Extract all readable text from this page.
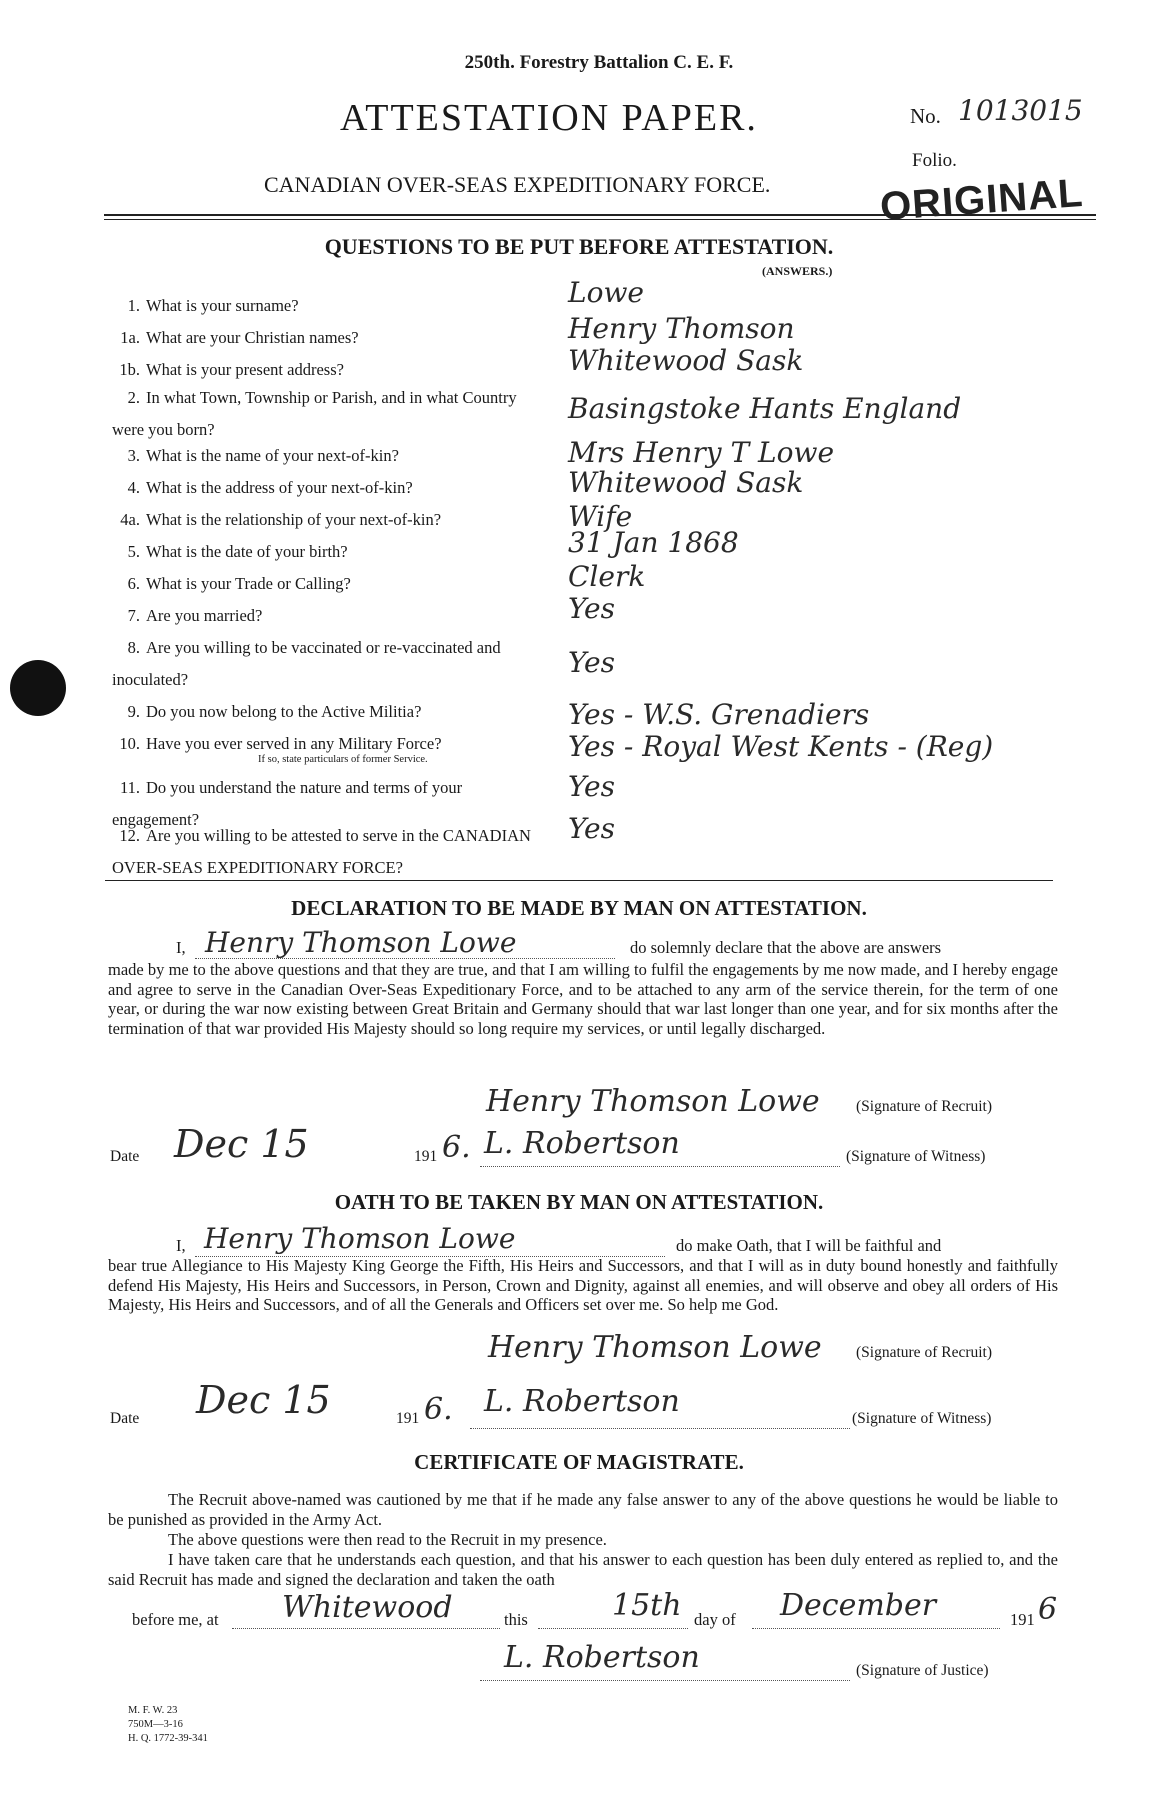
250th. Forestry Battalion C. E. F.
ATTESTATION PAPER.	No. 1013015
Folio.
CANADIAN OVER-SEAS EXPEDITIONARY FORCE.	ORIGINAL
QUESTIONS TO BE PUT BEFORE ATTESTATION.
(ANSWERS.)
1. What is your surname?	Lowe
1a. What are your Christian names?	Henry Thomson
1b. What is your present address?	Whitewood Sask
2. In what Town, Township or Parish, and in what Country were you born?
Basingstoke Hants England
3. What is the name of your next-of-kin?	Mrs Henry T Lowe
4. What is the address of your next-of-kin?	Whitewood Sask
4a. What is the relationship of your next-of-kin?	Wife
5. What is the date of your birth?	31 Jan 1868
6. What is your Trade or Calling?	Clerk
7. Are you married?	Yes
8. Are you willing to be vaccinated or re-vaccinated and inoculated?
Yes
9. Do you now belong to the Active Militia?	Yes - W.S. Grenadiers
10. Have you ever served in any Military Force?
If so, state particulars of former Service.	Yes - Royal West Kents - (Reg)
11. Do you understand the nature and terms of your engagement?
Yes
12. Are you willing to be attested to serve in the CANADIAN OVER-SEAS EXPEDITIONARY FORCE?
Yes
DECLARATION TO BE MADE BY MAN ON ATTESTATION.
I, Henry Thomson Lowe	do solemnly declare that the above are answers
made by me to the above questions and that they are true, and that I am willing to fulfil the engagements by me now made, and I hereby engage and agree to serve in the Canadian Over-Seas Expeditionary Force, and to be attached to any arm of the service therein, for the term of one year, or during the war now existing between Great Britain and Germany should that war last longer than one year, and for six months after the termination of that war provided His Majesty should so long require my services, or until legally discharged.
Henry Thomson Lowe (Signature of Recruit)
Date Dec 15	191 6. L. Robertson	(Signature of Witness)
OATH TO BE TAKEN BY MAN ON ATTESTATION.
I, Henry Thomson Lowe	do make Oath, that I will be faithful and
bear true Allegiance to His Majesty King George the Fifth, His Heirs and Successors, and that I will as in duty bound honestly and faithfully defend His Majesty, His Heirs and Successors, in Person, Crown and Dignity, against all enemies, and will observe and obey all orders of His Majesty, His Heirs and Successors, and of all the Generals and Officers set over me. So help me God.
Henry Thomson Lowe (Signature of Recruit)
Date Dec 15	191 6. L. Robertson	(Signature of Witness)
CERTIFICATE OF MAGISTRATE.
The Recruit above-named was cautioned by me that if he made any false answer to any of the above questions he would be liable to be punished as provided in the Army Act.
The above questions were then read to the Recruit in my presence.
I have taken care that he understands each question, and that his answer to each question has been duly entered as replied to, and the said Recruit has made and signed the declaration and taken the oath
before me, at Whitewood	this	15th day of December	191 6
L. Robertson	(Signature of Justice)
M. F. W. 23
750M—3-16
H. Q. 1772-39-341
